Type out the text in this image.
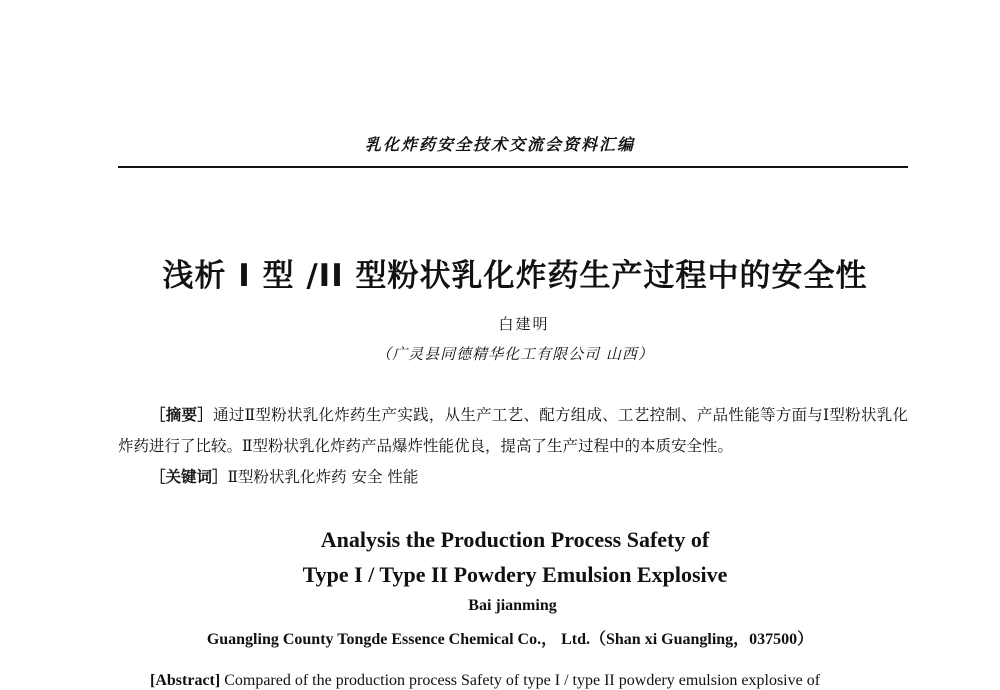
乳化炸药安全技术交流会资料汇编
浅析 I 型 /II 型粉状乳化炸药生产过程中的安全性
白建明
（广灵县同德精华化工有限公司 山西）
［摘要］通过Ⅱ型粉状乳化炸药生产实践，从生产工艺、配方组成、工艺控制、产品性能等方面与Ⅰ型粉状乳化炸药进行了比较。Ⅱ型粉状乳化炸药产品爆炸性能优良，提高了生产过程中的本质安全性。
［关键词］Ⅱ型粉状乳化炸药 安全 性能
Analysis the Production Process Safety of
Type I / Type II Powdery Emulsion Explosive
Bai jianming
Guangling County Tongde Essence Chemical Co.， Ltd.（Shan xi Guangling，037500）
[Abstract] Compared of the production process Safety of type I / type II powdery emulsion explosive of
